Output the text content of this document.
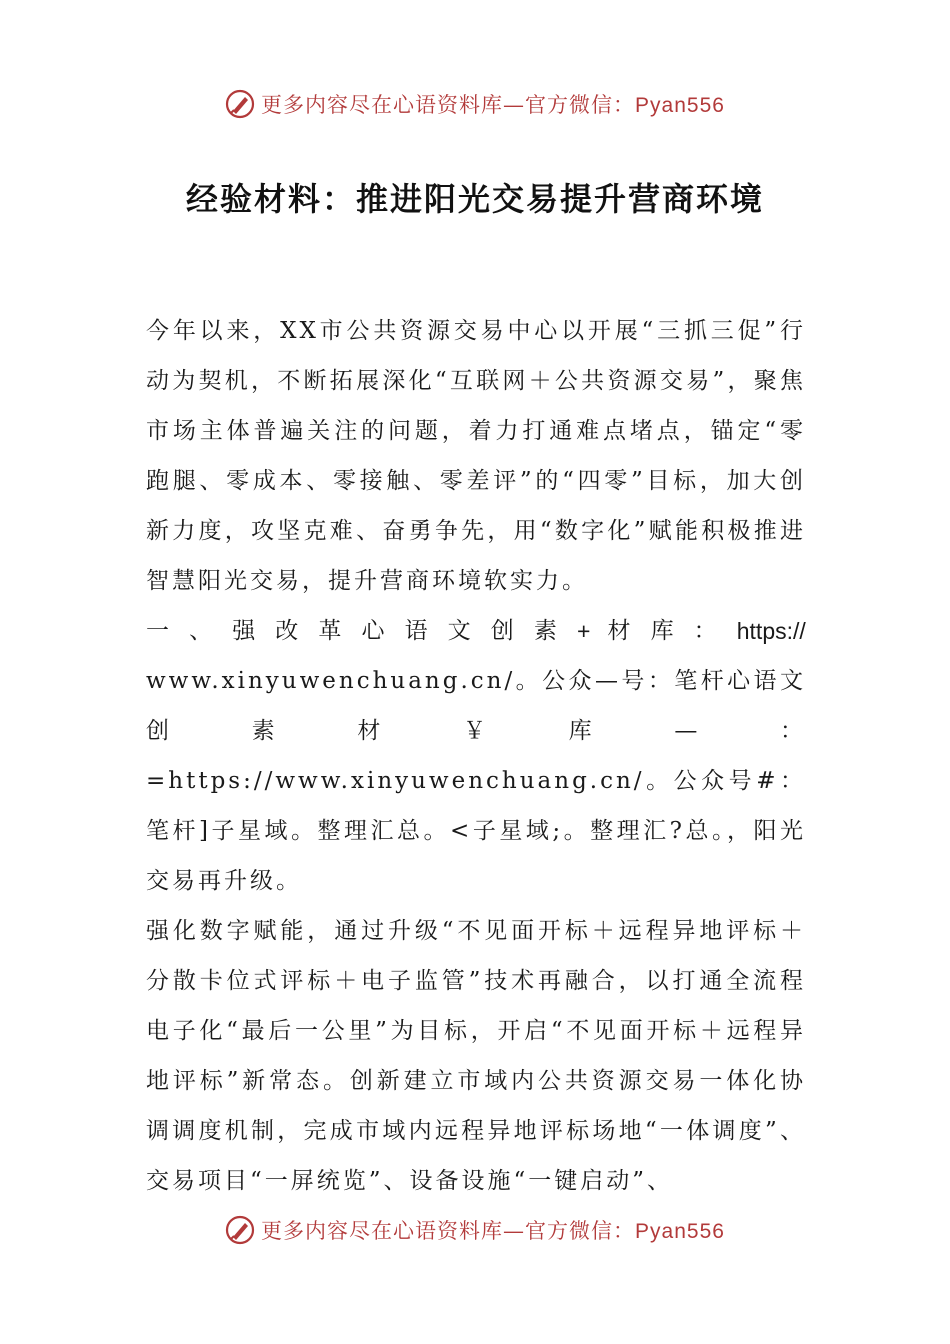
更多内容尽在心语资料库—官方微信：Pyan556
经验材料：推进阳光交易提升营商环境

今年以来，XX市公共资源交易中心以开展“三抓三促”行动为契机，不断拓展深化“互联网＋公共资源交易”，聚焦市场主体普遍关注的问题，着力打通难点堵点，锚定“零跑腿、零成本、零接触、零差评”的“四零”目标，加大创新力度，攻坚克难、奋勇争先，用“数字化”赋能积极推进智慧阳光交易，提升营商环境软实力。

一 、 强 改 革 心 语 文 创 素 + 材 库 ： https://

www.xinyuwenchuang.cn/。公众—号：笔杆心语文创素材￥库—：=https://www.xinyuwenchuang.cn/。公众号#：笔杆]子星域。整理汇总。<子星域;。整理汇?总。，阳光交易再升级。

强化数字赋能，通过升级“不见面开标＋远程异地评标＋分散卡位式评标＋电子监管”技术再融合，以打通全流程电子化“最后一公里”为目标，开启“不见面开标＋远程异地评标”新常态。创新建立市域内公共资源交易一体化协调调度机制，完成市域内远程异地评标场地“一体调度”、交易项目“一屏统览”、设备设施“一键启动”、

更多内容尽在心语资料库—官方微信：Pyan556
